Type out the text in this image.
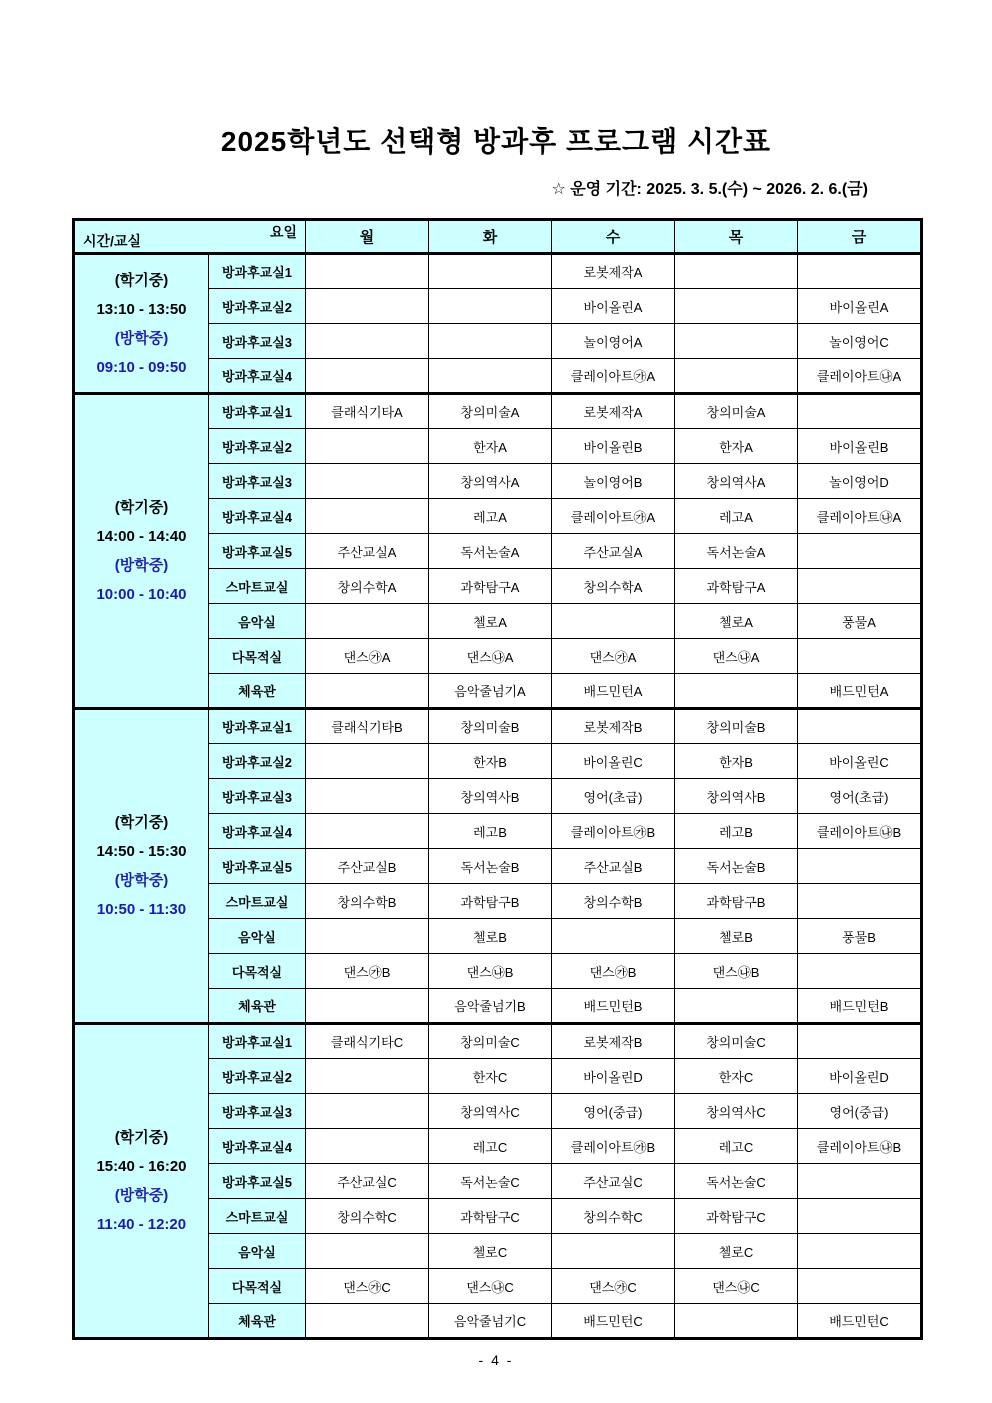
2025학년도 선택형 방과후 프로그램 시간표
☆ 운영 기간: 2025. 3. 5.(수) ~ 2026. 2. 6.(금)
요일
시간/교실		월	화	수	목	금

(학기중)
13:10 - 13:50
(방학중)
09:10 - 09:50	방과후교실1			로봇제작A		
	방과후교실2			바이올린A		바이올린A
	방과후교실3			놀이영어A		놀이영어C
	방과후교실4			클레이아트㉮A		클레이아트㉯A

(학기중)
14:00 - 14:40
(방학중)
10:00 - 10:40	방과후교실1	클래식기타A	창의미술A	로봇제작A	창의미술A	
	방과후교실2		한자A	바이올린B	한자A	바이올린B
	방과후교실3		창의역사A	놀이영어B	창의역사A	놀이영어D
	방과후교실4		레고A	클레이아트㉮A	레고A	클레이아트㉯A
	방과후교실5	주산교실A	독서논술A	주산교실A	독서논술A	
	스마트교실	창의수학A	과학탐구A	창의수학A	과학탐구A	
	음악실		첼로A		첼로A	풍물A
	다목적실	댄스㉮A	댄스㉯A	댄스㉮A	댄스㉯A	
	체육관		음악줄넘기A	배드민턴A		배드민턴A

(학기중)
14:50 - 15:30
(방학중)
10:50 - 11:30	방과후교실1	클래식기타B	창의미술B	로봇제작B	창의미술B	
	방과후교실2		한자B	바이올린C	한자B	바이올린C
	방과후교실3		창의역사B	영어(초급)	창의역사B	영어(초급)
	방과후교실4		레고B	클레이아트㉮B	레고B	클레이아트㉯B
	방과후교실5	주산교실B	독서논술B	주산교실B	독서논술B	
	스마트교실	창의수학B	과학탐구B	창의수학B	과학탐구B	
	음악실		첼로B		첼로B	풍물B
	다목적실	댄스㉮B	댄스㉯B	댄스㉮B	댄스㉯B	
	체육관		음악줄넘기B	배드민턴B		배드민턴B

(학기중)
15:40 - 16:20
(방학중)
11:40 - 12:20	방과후교실1	클래식기타C	창의미술C	로봇제작B	창의미술C	
	방과후교실2		한자C	바이올린D	한자C	바이올린D
	방과후교실3		창의역사C	영어(중급)	창의역사C	영어(중급)
	방과후교실4		레고C	클레이아트㉮B	레고C	클레이아트㉯B
	방과후교실5	주산교실C	독서논술C	주산교실C	독서논술C	
	스마트교실	창의수학C	과학탐구C	창의수학C	과학탐구C	
	음악실		첼로C		첼로C	
	다목적실	댄스㉮C	댄스㉯C	댄스㉮C	댄스㉯C	
	체육관		음악줄넘기C	배드민턴C		배드민턴C
- 4 -
